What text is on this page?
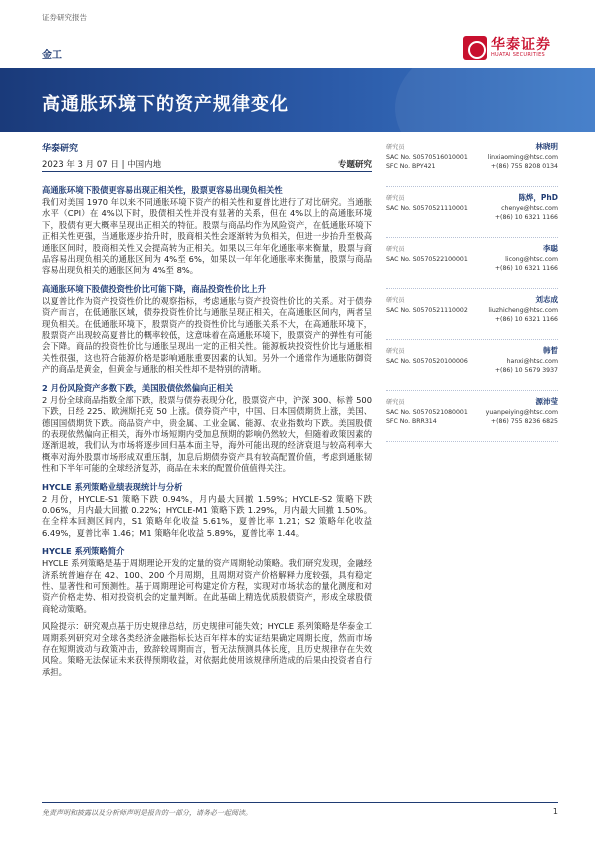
证券研究报告
金工
华泰证券
HUATAI SECURITIES
高通胀环境下的资产规律变化
华泰研究
2023 年 3 月 07 日 | 中国内地	专题研究
高通胀环境下股债更容易出现正相关性，股票更容易出现负相关性
我们对美国 1970 年以来不同通胀环境下资产的相关性和夏普比进行了对比研究。当通胀水平（CPI）在 4%以下时，股债相关性并没有显著的关系，但在 4%以上的高通胀环境下，股债有更大概率呈现出正相关的特征。股票与商品均作为风险资产，在低通胀环境下正相关性更强，当通胀逐步抬升时，股商相关性会逐渐转为负相关，但进一步抬升至极高通胀区间时，股商相关性又会提高转为正相关。如果以三年年化通胀率来衡量，股票与商品容易出现负相关的通胀区间为 4%至 6%，如果以一年年化通胀率来衡量，股票与商品容易出现负相关的通胀区间为 4%至 8%。
高通胀环境下股债投资性价比可能下降，商品投资性价比上升
以夏普比作为资产投资性价比的观察指标，考虑通胀与资产投资性价比的关系。对于债券资产而言，在低通胀区域，债券投资性价比与通胀呈现正相关，在高通胀区间内，两者呈现负相关。在低通胀环境下，股票资产的投资性价比与通胀关系不大，在高通胀环境下，股票资产出现较高夏普比的概率较低，这意味着在高通胀环境下，股票资产的弹性有可能会下降。商品的投资性价比与通胀呈现出一定的正相关性。能源板块投资性价比与通胀相关性很强，这也符合能源价格是影响通胀重要因素的认知。另外一个通常作为通胀防御资产的商品是黄金，但黄金与通胀的相关性却不是特别的清晰。
2 月份风险资产多数下跌，美国股债依然偏向正相关
2 月份全球商品指数全部下跌，股票与债券表现分化，股票资产中，沪深 300、标普 500 下跌，日经 225、欧洲斯托克 50 上涨。债券资产中，中国、日本国债期货上涨，美国、德国国债期货下跌。商品资产中，贵金属、工业金属、能源、农业指数均下跌。美国股债的表现依然偏向正相关，海外市场短期内受加息预期的影响仍然较大，但随着政策因素的逐渐退坡，我们认为市场将逐步回归基本面主导，海外可能出现的经济衰退与较高利率大概率对海外股票市场形成双重压制，加息后期债券资产具有较高配置价值，考虑到通胀韧性和下半年可能的全球经济复苏，商品在未来的配置价值值得关注。
HYCLE 系列策略业绩表现统计与分析
2 月份，HYCLE-S1 策略下跌 0.94%，月内最大回撤 1.59%；HYCLE-S2 策略下跌 0.06%，月内最大回撤 0.22%；HYCLE-M1 策略下跌 1.29%，月内最大回撤 1.50%。在全样本回测区间内，S1 策略年化收益 5.61%，夏普比率 1.21；S2 策略年化收益 6.49%，夏普比率 1.46；M1 策略年化收益 5.89%，夏普比率 1.44。
HYCLE 系列策略简介
HYCLE 系列策略是基于周期理论开发的定量的资产周期轮动策略。我们研究发现，金融经济系统普遍存在 42、100、200 个月周期，且周期对资产价格解释力度较强，具有稳定性、显著性和可预测性。基于周期理论可构建定价方程，实现对市场状态的量化测度和对资产价格走势、相对投资机会的定量判断。在此基础上精选优质股债资产，形成全球股债商轮动策略。
风险提示：研究观点基于历史规律总结，历史规律可能失效；HYCLE 系列策略是华泰金工周期系列研究对全球各类经济金融指标长达百年样本的实证结果确定周期长度，然而市场存在短期波动与政策冲击，致辞较周期而言，暂无法预测具体长度，且历史规律存在失效风险。策略无法保证未来获得预期收益，对依据此使用该规律所造成的后果由投资者自行承担。
研究员	林晓明
SAC No. S0570516010001
SFC No. BPY421
linxiaoming@htsc.com
+(86) 755 8208 0134
研究员	陈烨，PhD
SAC No. S0570521110001	chenye@htsc.com
+(86) 10 6321 1166
研究员	李聪
SAC No. S0570522100001	licong@htsc.com
+(86) 10 6321 1166
研究员	刘志成
SAC No. S0570521110002	liuzhicheng@htsc.com
+(86) 10 6321 1166
研究员	韩晳
SAC No. S0570520100006	hanxi@htsc.com
+(86) 10 5679 3937
研究员	源沛莹
SAC No. S0570521080001
SFC No. BRR314
yuanpeiying@htsc.com
+(86) 755 8236 6825
免责声明和披露以及分析师声明是报告的一部分，请务必一起阅读。	1
